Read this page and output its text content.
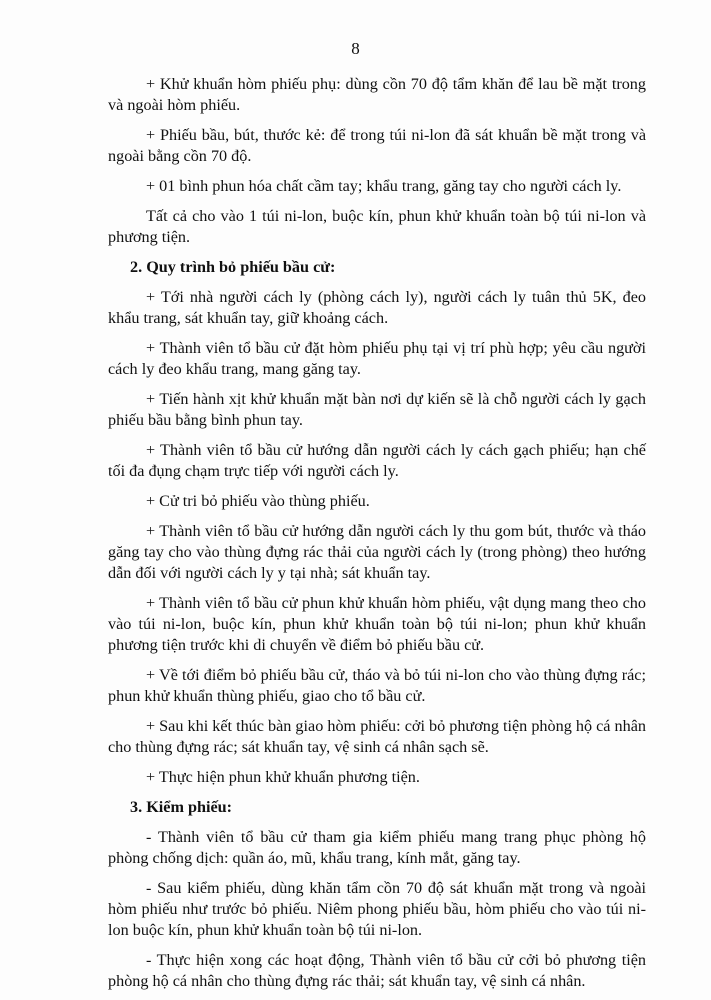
8

+ Khử khuẩn hòm phiếu phụ: dùng cồn 70 độ tẩm khăn để lau bề mặt trong và ngoài hòm phiếu.

+ Phiếu bầu, bút, thước kẻ: để trong túi ni-lon đã sát khuẩn bề mặt trong và ngoài bằng cồn 70 độ.

+ 01 bình phun hóa chất cầm tay; khẩu trang, găng tay cho người cách ly.

Tất cả cho vào 1 túi ni-lon, buộc kín, phun khử khuẩn toàn bộ túi ni-lon và phương tiện.

2. Quy trình bỏ phiếu bầu cử:

+ Tới nhà người cách ly (phòng cách ly), người cách ly tuân thủ 5K, đeo khẩu trang, sát khuẩn tay, giữ khoảng cách.

+ Thành viên tổ bầu cử đặt hòm phiếu phụ tại vị trí phù hợp; yêu cầu người cách ly đeo khẩu trang, mang găng tay.

+ Tiến hành xịt khử khuẩn mặt bàn nơi dự kiến sẽ là chỗ người cách ly gạch phiếu bầu bằng bình phun tay.

+ Thành viên tổ bầu cử hướng dẫn người cách ly cách gạch phiếu; hạn chế tối đa đụng chạm trực tiếp với người cách ly.

+ Cử tri bỏ phiếu vào thùng phiếu.

+ Thành viên tổ bầu cử hướng dẫn người cách ly thu gom bút, thước và tháo găng tay cho vào thùng đựng rác thải của người cách ly (trong phòng) theo hướng dẫn đối với người cách ly y tại nhà; sát khuẩn tay.

+ Thành viên tổ bầu cử phun khử khuẩn hòm phiếu, vật dụng mang theo cho vào túi ni-lon, buộc kín, phun khử khuẩn toàn bộ túi ni-lon; phun khử khuẩn phương tiện trước khi di chuyển về điểm bỏ phiếu bầu cử.

+ Về tới điểm bỏ phiếu bầu cử, tháo và bỏ túi ni-lon cho vào thùng đựng rác; phun khử khuẩn thùng phiếu, giao cho tổ bầu cử.

+ Sau khi kết thúc bàn giao hòm phiếu: cởi bỏ phương tiện phòng hộ cá nhân cho thùng đựng rác; sát khuẩn tay, vệ sinh cá nhân sạch sẽ.

+ Thực hiện phun khử khuẩn phương tiện.

3. Kiểm phiếu:

- Thành viên tổ bầu cử tham gia kiểm phiếu mang trang phục phòng hộ phòng chống dịch: quần áo, mũ, khẩu trang, kính mắt, găng tay.

- Sau kiểm phiếu, dùng khăn tẩm cồn 70 độ sát khuẩn mặt trong và ngoài hòm phiếu như trước bỏ phiếu. Niêm phong phiếu bầu, hòm phiếu cho vào túi ni-lon buộc kín, phun khử khuẩn toàn bộ túi ni-lon.

- Thực hiện xong các hoạt động, Thành viên tổ bầu cử cởi bỏ phương tiện phòng hộ cá nhân cho thùng đựng rác thải; sát khuẩn tay, vệ sinh cá nhân.
